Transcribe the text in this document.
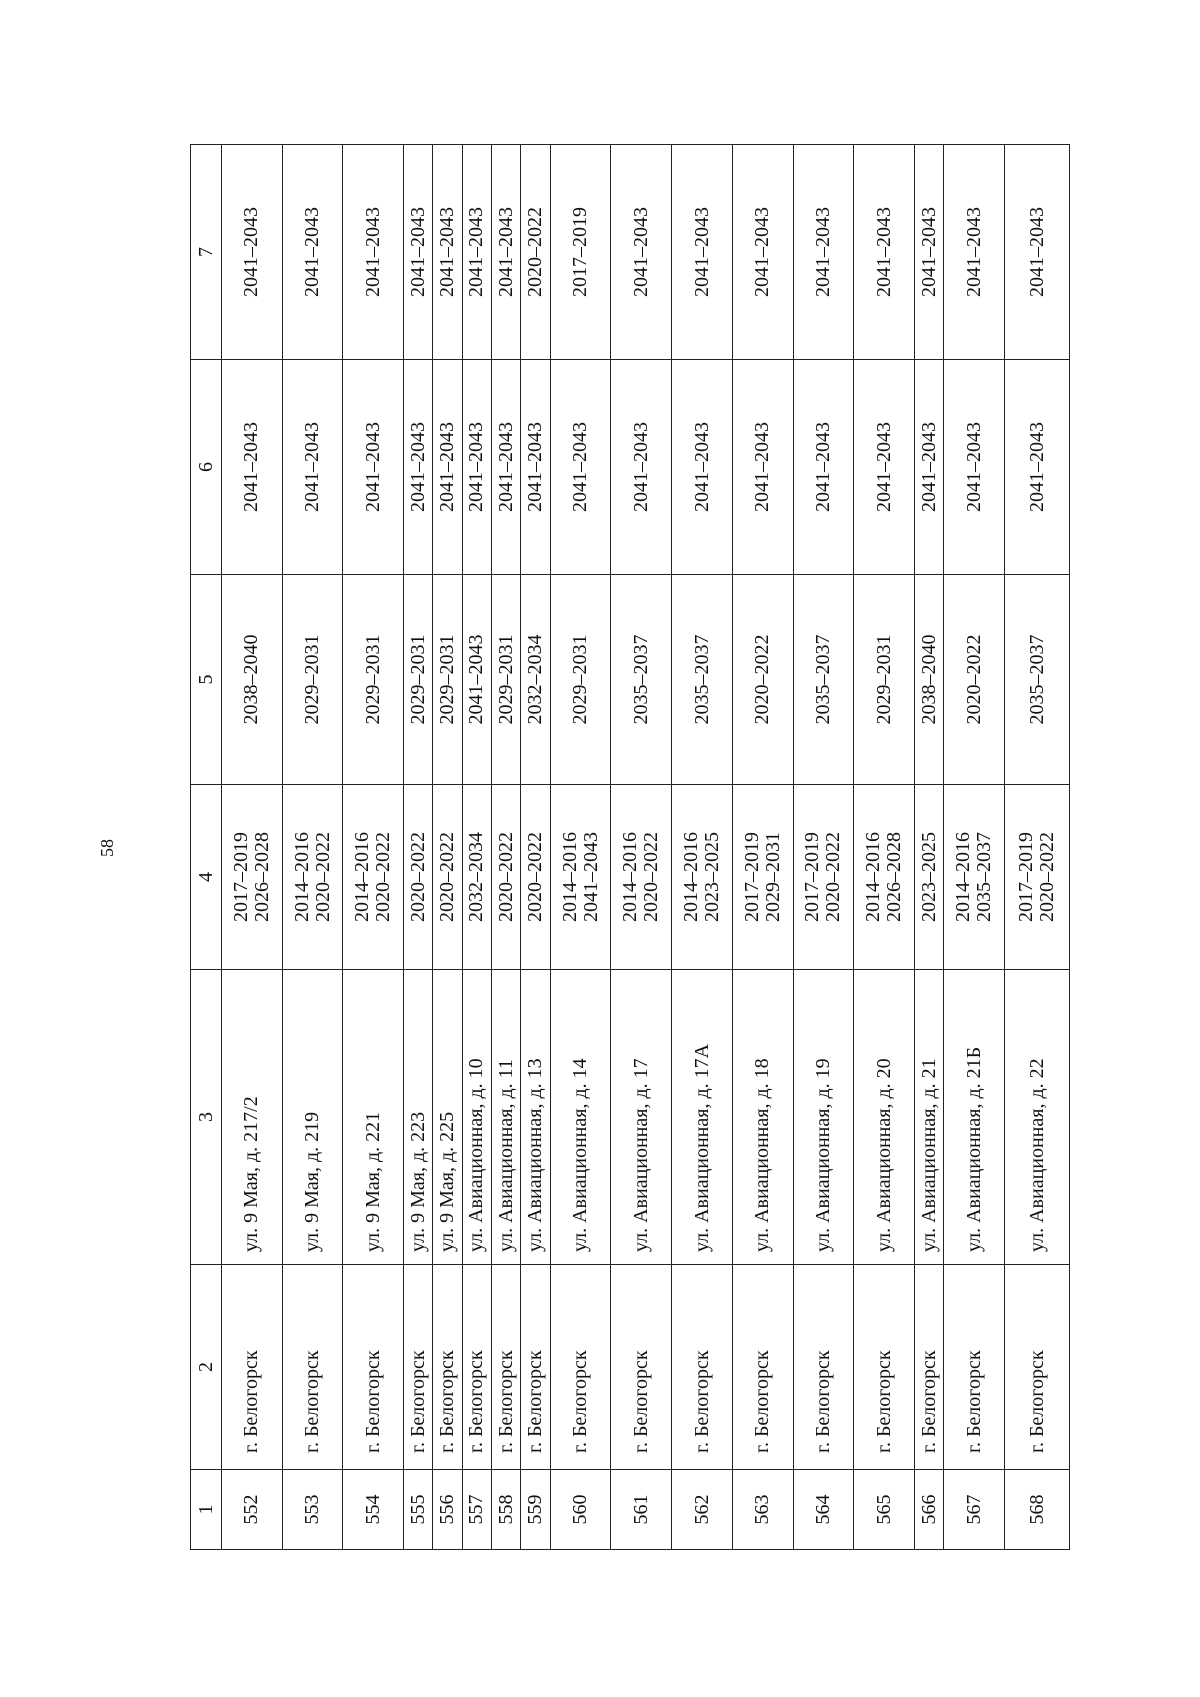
58
1	2	3	4	5	6	7
552	г. Белогорск	ул. 9 Мая, д. 217/2	2017–2019 2026–2028	2038–2040	2041–2043	2041–2043
553	г. Белогорск	ул. 9 Мая, д. 219	2014–2016 2020–2022	2029–2031	2041–2043	2041–2043
554	г. Белогорск	ул. 9 Мая, д. 221	2014–2016 2020–2022	2029–2031	2041–2043	2041–2043
555	г. Белогорск	ул. 9 Мая, д. 223	2020–2022	2029–2031	2041–2043	2041–2043
556	г. Белогорск	ул. 9 Мая, д. 225	2020–2022	2029–2031	2041–2043	2041–2043
557	г. Белогорск	ул. Авиационная, д. 10	2032–2034	2041–2043	2041–2043	2041–2043
558	г. Белогорск	ул. Авиационная, д. 11	2020–2022	2029–2031	2041–2043	2041–2043
559	г. Белогорск	ул. Авиационная, д. 13	2020–2022	2032–2034	2041–2043	2020–2022
560	г. Белогорск	ул. Авиационная, д. 14	2014–2016 2041–2043	2029–2031	2041–2043	2017–2019
561	г. Белогорск	ул. Авиационная, д. 17	2014–2016 2020–2022	2035–2037	2041–2043	2041–2043
562	г. Белогорск	ул. Авиационная, д. 17А	2014–2016 2023–2025	2035–2037	2041–2043	2041–2043
563	г. Белогорск	ул. Авиационная, д. 18	2017–2019 2029–2031	2020–2022	2041–2043	2041–2043
564	г. Белогорск	ул. Авиационная, д. 19	2017–2019 2020–2022	2035–2037	2041–2043	2041–2043
565	г. Белогорск	ул. Авиационная, д. 20	2014–2016 2026–2028	2029–2031	2041–2043	2041–2043
566	г. Белогорск	ул. Авиационная, д. 21	2023–2025	2038–2040	2041–2043	2041–2043
567	г. Белогорск	ул. Авиационная, д. 21Б	2014–2016 2035–2037	2020–2022	2041–2043	2041–2043
568	г. Белогорск	ул. Авиационная, д. 22	2017–2019 2020–2022	2035–2037	2041–2043	2041–2043
